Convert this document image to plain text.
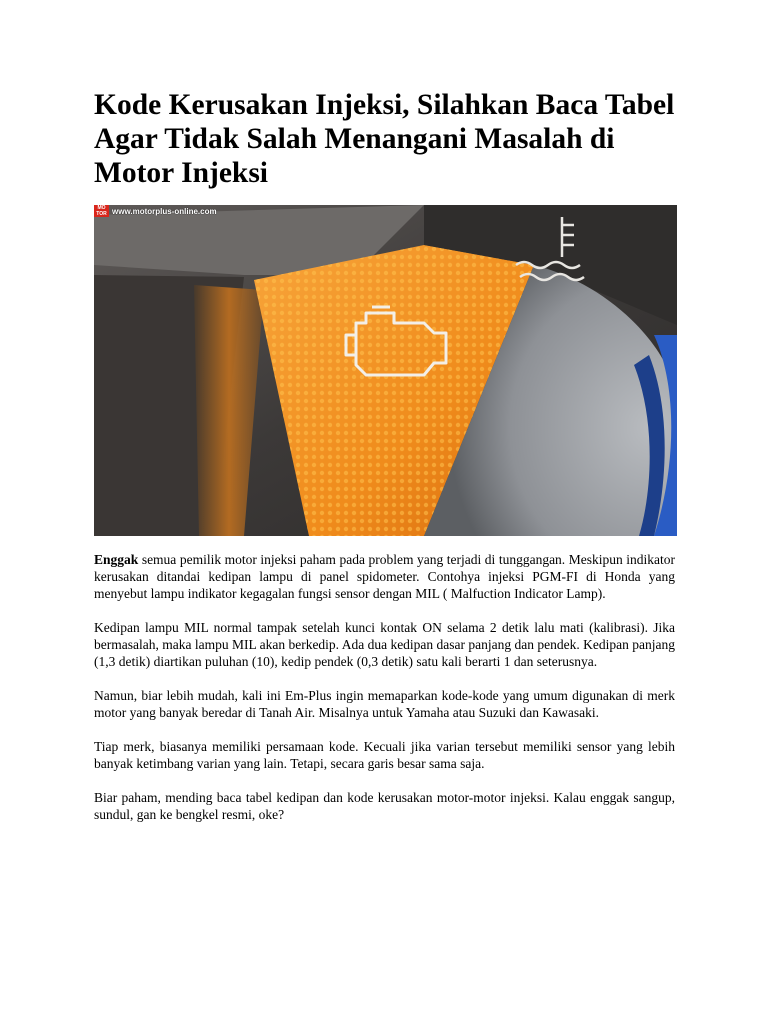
Kode Kerusakan Injeksi, Silahkan Baca Tabel Agar Tidak Salah Menangani Masalah di Motor Injeksi
MO TOR www.motorplus-online.com

Enggak semua pemilik motor injeksi paham pada problem yang terjadi di tunggangan. Meskipun indikator kerusakan ditandai kedipan lampu di panel spidometer. Contohya injeksi PGM-FI di Honda yang menyebut lampu indikator kegagalan fungsi sensor dengan MIL ( Malfuction Indicator Lamp).

Kedipan lampu MIL normal tampak setelah kunci kontak ON selama 2 detik lalu mati (kalibrasi). Jika bermasalah, maka lampu MIL akan berkedip. Ada dua kedipan dasar panjang dan pendek. Kedipan panjang (1,3 detik) diartikan puluhan (10), kedip pendek (0,3 detik) satu kali berarti 1 dan seterusnya.

Namun, biar lebih mudah, kali ini Em-Plus ingin memaparkan kode-kode yang umum digunakan di merk motor yang banyak beredar di Tanah Air. Misalnya untuk Yamaha atau Suzuki dan Kawasaki.

Tiap merk, biasanya memiliki persamaan kode. Kecuali jika varian tersebut memiliki sensor yang lebih banyak ketimbang varian yang lain. Tetapi, secara garis besar sama saja.

Biar paham, mending baca tabel kedipan dan kode kerusakan motor-motor injeksi. Kalau enggak sangup, sundul, gan ke bengkel resmi, oke?
